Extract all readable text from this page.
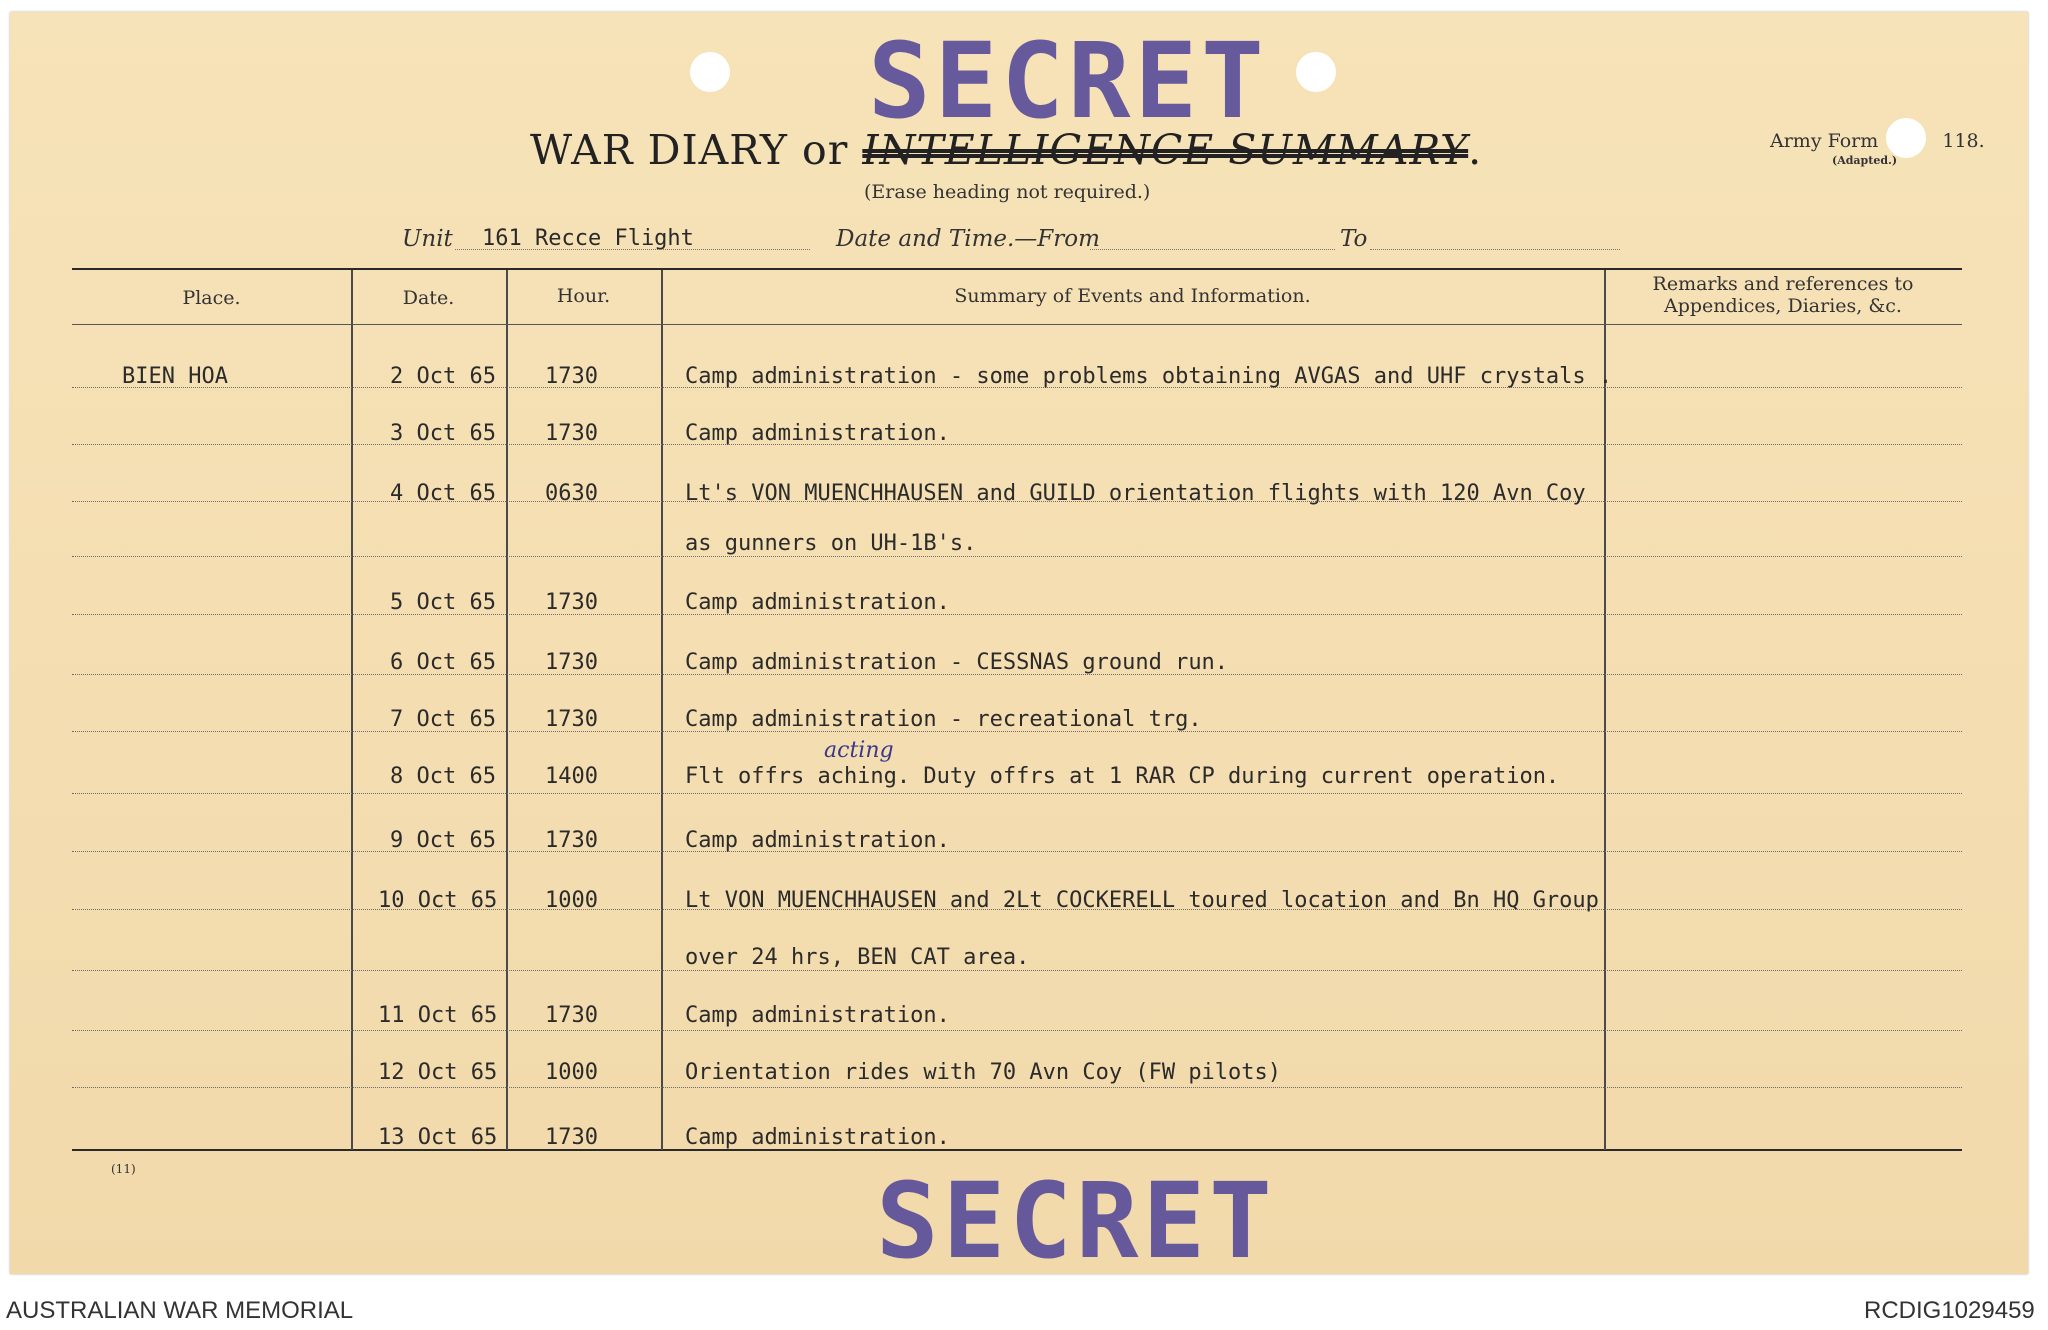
SECRET
WAR DIARY or INTELLIGENCE SUMMARY.
(Erase heading not required.)
Army Form	118.
(Adapted.)
Unit 161 Recce Flight	Date and Time.—From	To
Place.	Date.	Hour.	Summary of Events and Information.
Remarks and references to
Appendices, Diaries, &c.
BIEN HOA	2 Oct 65 1730	Camp administration - some problems obtaining AVGAS and UHF crystals .
3 Oct 65 1730	Camp administration.
4 Oct 65 0630	Lt's VON MUENCHHAUSEN and GUILD orientation flights with 120 Avn Coy
as gunners on UH-1B's.
5 Oct 65 1730	Camp administration.
6 Oct 65 1730	Camp administration - CESSNAS ground run.
7 Oct 65 1730	Camp administration - recreational trg.
acting
8 Oct 65 1400	Flt offrs aching. Duty offrs at 1 RAR CP during current operation.
9 Oct 65 1730	Camp administration.
10 Oct 65 1000	Lt VON MUENCHHAUSEN and 2Lt COCKERELL toured location and Bn HQ Group
over 24 hrs, BEN CAT area.
11 Oct 65 1730	Camp administration.
12 Oct 65 1000	Orientation rides with 70 Avn Coy (FW pilots)
13 Oct 65 1730	Camp administration.
(11)	SECRET
AUSTRALIAN WAR MEMORIAL	RCDIG1029459
